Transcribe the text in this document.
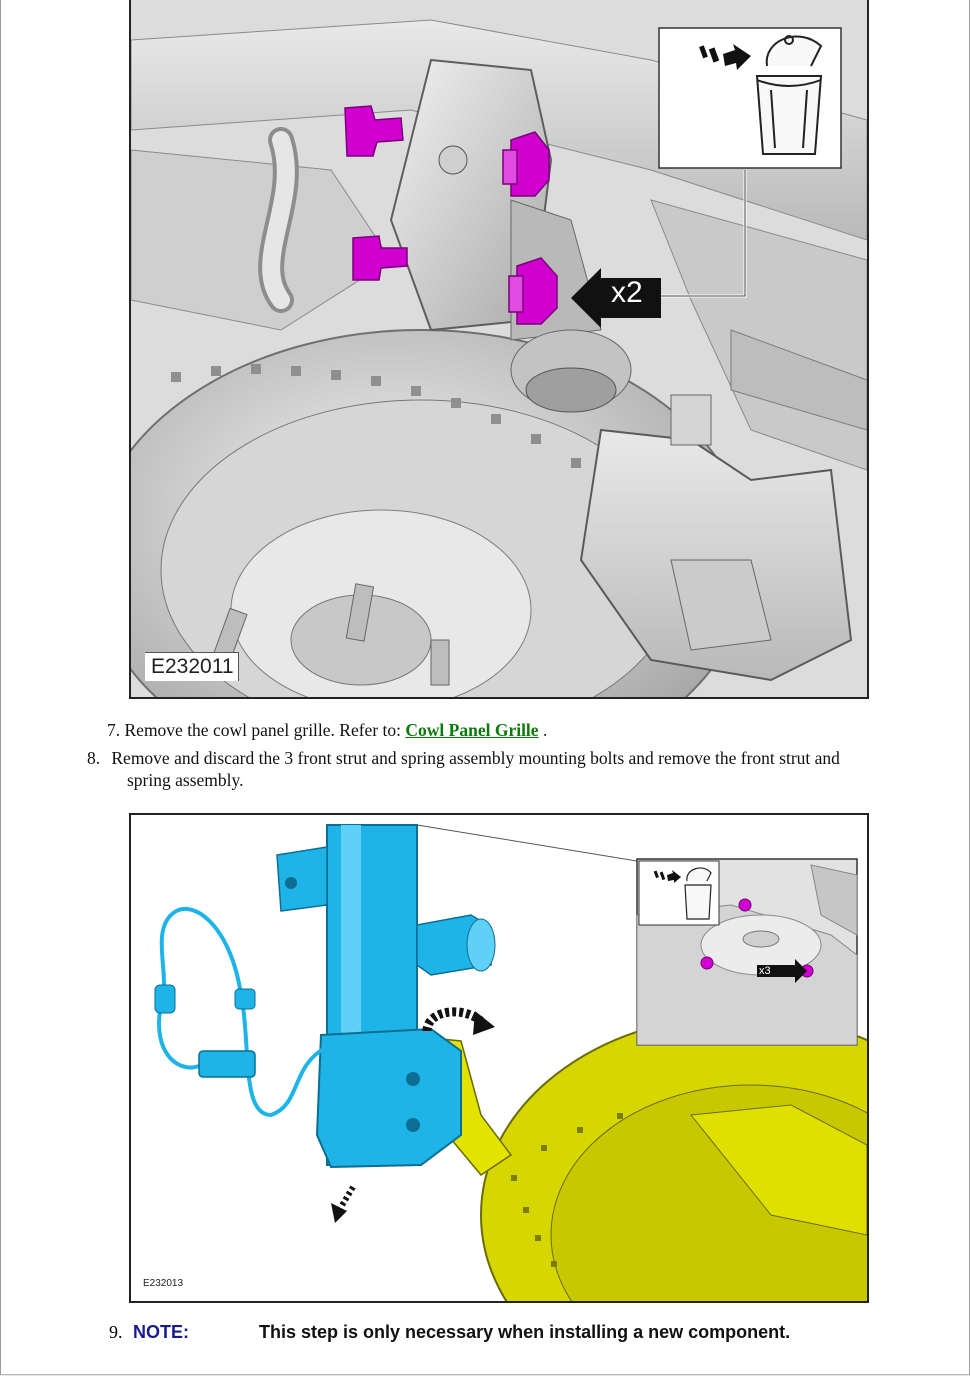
x2
E232011
7. Remove the cowl panel grille. Refer to: Cowl Panel Grille .
8. Remove and discard the 3 front strut and spring assembly mounting bolts and remove the front strut and spring assembly.
x3
E232013
9. NOTE:	This step is only necessary when installing a new component.
